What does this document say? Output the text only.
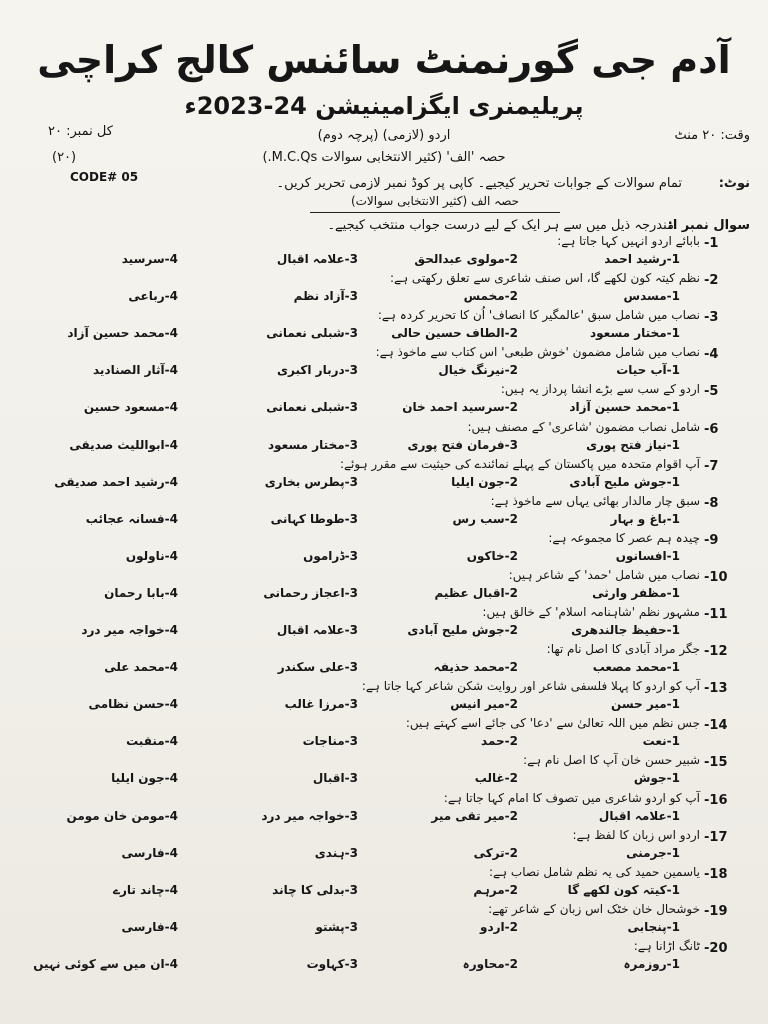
آدم جی گورنمنٹ سائنس کالج کراچی
پریلیمنری ایگزامینیشن 24-2023ء
وقت: ۲۰ منٹ
کل نمبر: ۲۰
(۲۰)
CODE# 05
اردو (لازمی) (پرچہ دوم)
حصہ 'الف' (کثیر الانتخابی سوالات M.C.Qs.)
نوٹ:
تمام سوالات کے جوابات تحریر کیجیے۔ کاپی پر کوڈ نمبر لازمی تحریر کریں۔
حصہ الف (کثیر الانتخابی سوالات)
سوال نمبر ا:
مندرجہ ذیل میں سے ہر ایک کے لیے درست جواب منتخب کیجیے۔
-1
بابائے اردو انہیں کہا جاتا ہے:
1-رشید احمد
2-مولوی عبدالحق
3-علامہ اقبال
4-سرسید
-2
نظم کیتہ کون لکھے گا، اس صنف شاعری سے تعلق رکھتی ہے:
1-مسدس
2-مخمس
3-آزاد نظم
4-رباعی
-3
نصاب میں شامل سبق 'عالمگیر کا انصاف' اُن کا تحریر کردہ ہے:
1-مختار مسعود
2-الطاف حسین حالی
3-شبلی نعمانی
4-محمد حسین آزاد
-4
نصاب میں شامل مضمون 'خوش طبعی' اس کتاب سے ماخوذ ہے:
1-آب حیات
2-نیرنگ خیال
3-دربار اکبری
4-آثار الصنادید
-5
اردو کے سب سے بڑے انشا پرداز یہ ہیں:
1-محمد حسین آزاد
2-سرسید احمد خان
3-شبلی نعمانی
4-مسعود حسین
-6
شامل نصاب مضمون 'شاعری' کے مصنف ہیں:
1-نیاز فتح پوری
3-فرمان فتح پوری
3-مختار مسعود
4-ابواللیث صدیقی
-7
آپ اقوام متحدہ میں پاکستان کے پہلے نمائندے کی حیثیت سے مقرر ہوئے:
1-جوش ملیح آبادی
2-جون ایلیا
3-پطرس بخاری
4-رشید احمد صدیقی
-8
سبق چار مالدار بھائی یہاں سے ماخوذ ہے:
1-باغ و بہار
2-سب رس
3-طوطا کہانی
4-فسانہ عجائب
-9
چیدہ ہم عصر کا مجموعہ ہے:
1-افسانوں
2-خاکوں
3-ڈراموں
4-ناولوں
-10
نصاب میں شامل 'حمد' کے شاعر ہیں:
1-مظفر وارثی
2-اقبال عظیم
3-اعجاز رحمانی
4-بابا رحمان
-11
مشہور نظم 'شاہنامہ اسلام' کے خالق ہیں:
1-حفیظ جالندھری
2-جوش ملیح آبادی
3-علامہ اقبال
4-خواجہ میر درد
-12
جگر مراد آبادی کا اصل نام تھا:
1-محمد مصعب
2-محمد حذیفہ
3-علی سکندر
4-محمد علی
-13
آپ کو اردو کا پہلا فلسفی شاعر اور روایت شکن شاعر کہا جاتا ہے:
1-میر حسن
2-میر انیس
3-مرزا غالب
4-حسن نظامی
-14
جس نظم میں اللہ تعالیٰ سے 'دعا' کی جائے اسے کہتے ہیں:
1-نعت
2-حمد
3-مناجات
4-منقبت
-15
شبیر حسن خان آپ کا اصل نام ہے:
1-جوش
2-غالب
3-اقبال
4-جون ایلیا
-16
آپ کو اردو شاعری میں تصوف کا امام کہا جاتا ہے:
1-علامہ اقبال
2-میر تقی میر
3-خواجہ میر درد
4-مومن خان مومن
-17
اردو اس زبان کا لفظ ہے:
1-جرمنی
2-ترکی
3-ہندی
4-فارسی
-18
یاسمین حمید کی یہ نظم شامل نصاب ہے:
1-کیتہ کون لکھے گا
2-مرہم
3-بدلی کا چاند
4-چاند تارے
-19
خوشحال خان خٹک اس زبان کے شاعر تھے:
1-پنجابی
2-اردو
3-پشتو
4-فارسی
-20
ٹانگ اڑانا ہے:
1-روزمرہ
2-محاورہ
3-کہاوت
4-ان میں سے کوئی نہیں
